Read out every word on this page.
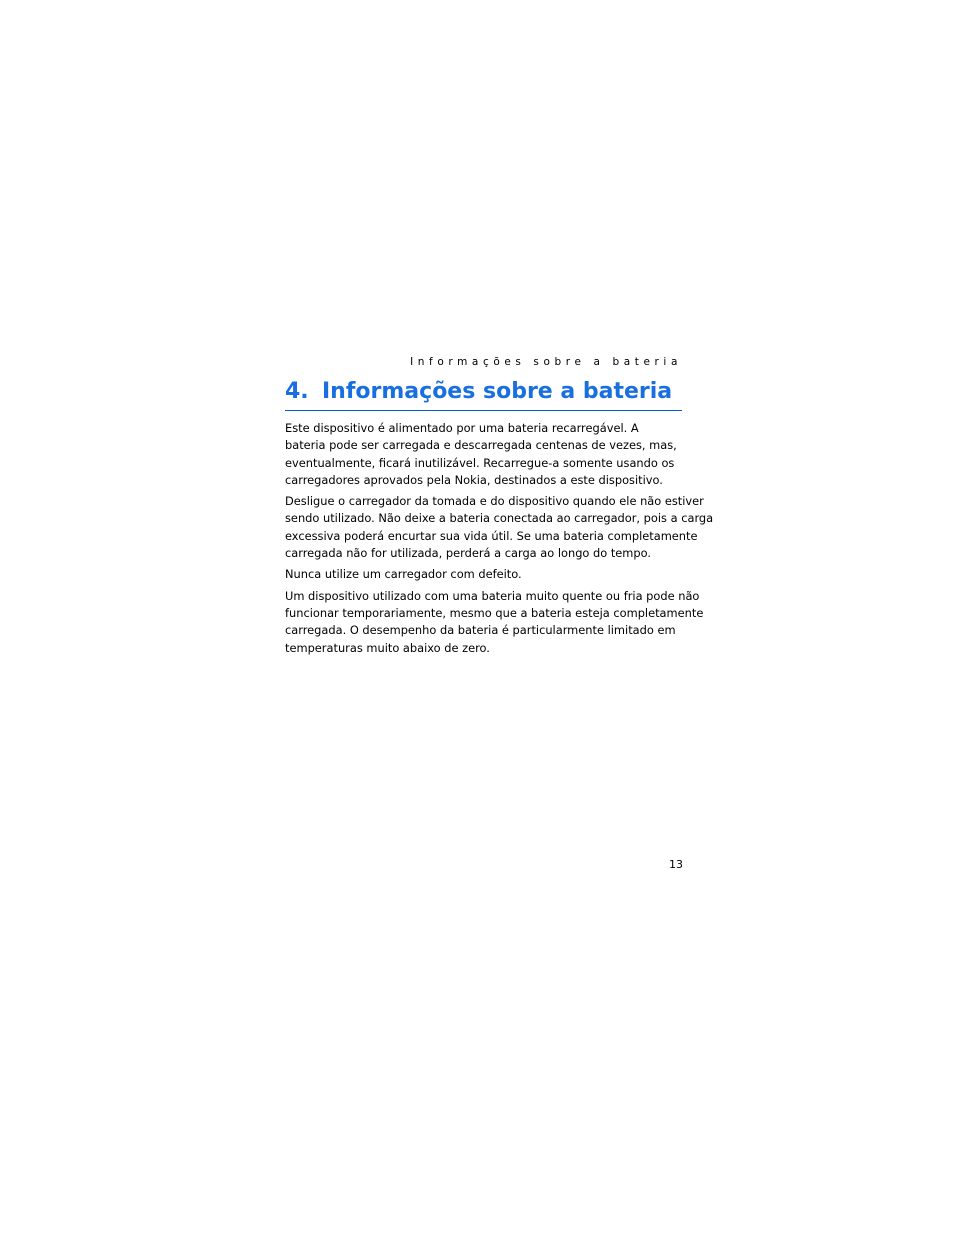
Informações sobre a bateria
4. Informações sobre a bateria

Este dispositivo é alimentado por uma bateria recarregável. A
bateria pode ser carregada e descarregada centenas de vezes, mas,
eventualmente, ficará inutilizável. Recarregue-a somente usando os
carregadores aprovados pela Nokia, destinados a este dispositivo.

Desligue o carregador da tomada e do dispositivo quando ele não estiver
sendo utilizado. Não deixe a bateria conectada ao carregador, pois a carga
excessiva poderá encurtar sua vida útil. Se uma bateria completamente
carregada não for utilizada, perderá a carga ao longo do tempo.

Nunca utilize um carregador com defeito.

Um dispositivo utilizado com uma bateria muito quente ou fria pode não
funcionar temporariamente, mesmo que a bateria esteja completamente
carregada. O desempenho da bateria é particularmente limitado em
temperaturas muito abaixo de zero.

13
